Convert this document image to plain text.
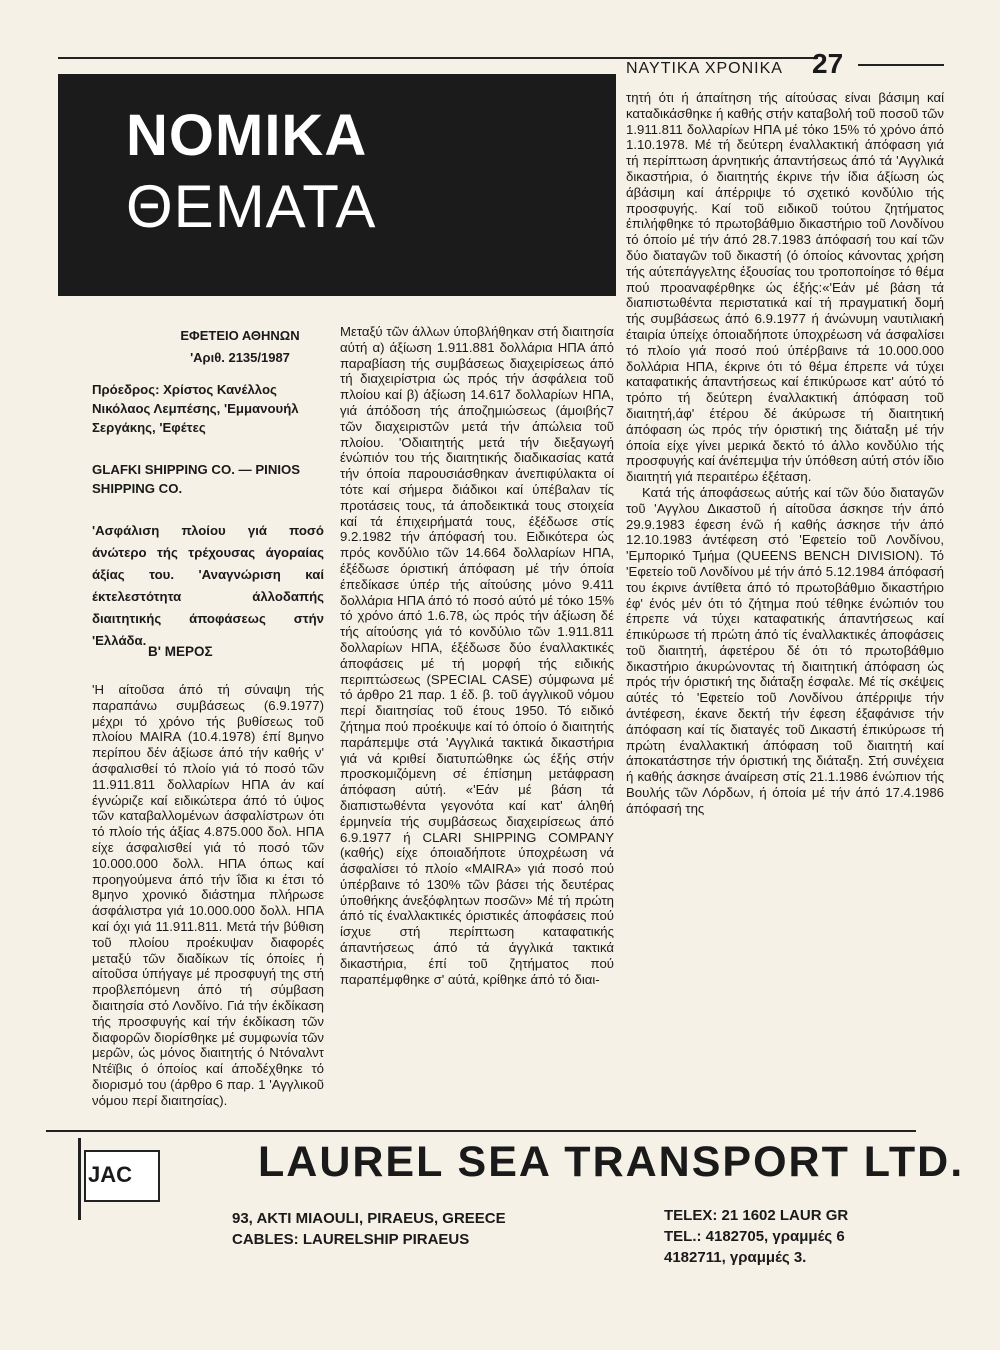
ΝΑΥΤΙΚΑ ΧΡΟΝΙΚΑ 27
ΝΟΜΙΚΑ
ΘΕΜΑΤΑ
ΕΦΕΤΕΙΟ ΑΘΗΝΩΝ
'Αριθ. 2135/1987
Πρόεδρος: Χρίστος Κανέλλος Νικόλαος Λεμπέσης, 'Εμμανουήλ Σεργάκης, 'Εφέτες
GLAFKI SHIPPING CO. — PINIOS SHIPPING CO.
'Ασφάλιση πλοίου γιά ποσό άνώτερο τής τρέχουσας άγοραίας άξίας του. 'Αναγνώριση καί έκτελεστότητα άλλοδαπής διαιτητικής άποφάσεως στήν 'Ελλάδα.
Β' ΜΕΡΟΣ

'Η αίτοῦσα άπό τή σύναψη τής παραπάνω συμβάσεως (6.9.1977) μέχρι τό χρόνο τής βυθίσεως τοῦ πλοίου MAIRA (10.4.1978) έπί 8μηνο περίπου δέν άξίωσε άπό τήν καθής ν' άσφαλισθεί τό πλοίο γιά τό ποσό τῶν 11.911.811 δολλαρίων ΗΠΑ άν καί έγνώριζε καί ειδικώτερα άπό τό ύψος τῶν καταβαλλομένων άσφαλίστρων ότι τό πλοίο τής άξίας 4.875.000 δολ. ΗΠΑ είχε άσφαλισθεί γιά τό ποσό τῶν 10.000.000 δολλ. ΗΠΑ όπως καί προηγούμενα άπό τήν ΐδια κι έτσι τό 8μηνο χρονικό διάστημα πλήρωσε άσφάλιστρα γιά 10.000.000 δολλ. ΗΠΑ καί όχι γιά 11.911.811. Μετά τήν βύθιση τοῦ πλοίου προέκυψαν διαφορές μεταξύ τῶν διαδίκων τίς όποίες ή αίτοῦσα ύπήγαγε μέ προσφυγή της στή προβλεπόμενη άπό τή σύμβαση διαιτησία στό Λονδίνο. Γιά τήν έκδίκαση τής προσφυγής καί τήν έκδίκαση τῶν διαφορῶν διορίσθηκε μέ συμφωνία τῶν μερῶν, ώς μόνος διαιτητής ό Ντόναλντ Ντέϊβις ό όποίος καί άποδέχθηκε τό διορισμό του (άρθρο 6 παρ. 1 'Αγγλικοῦ νόμου περί διαιτησίας).

Μεταξύ τῶν άλλων ύποβλήθηκαν στή διαιτησία αύτή α) άξίωση 1.911.881 δολλάρια ΗΠΑ άπό παραβίαση τής συμβάσεως διαχειρίσεως άπό τή διαχειρίστρια ώς πρός τήν άσφάλεια τοῦ πλοίου καί β) άξίωση 14.617 δολλαρίων ΗΠΑ, γιά άπόδοση τής άποζημιώσεως (άμοιβής7 τῶν διαχειριστῶν μετά τήν άπώλεια τοῦ πλοίου. 'Οδιαιτητής μετά τήν διεξαγωγή ένώπιόν του τής διαιτητικής διαδικασίας κατά τήν όποία παρουσιάσθηκαν άνεπιφύλακτα οί τότε καί σήμερα διάδικοι καί ύπέβαλαν τίς προτάσεις τους, τά άποδεικτικά τους στοιχεία καί τά έπιχειρήματά τους, έξέδωσε στίς 9.2.1982 τήν άπόφασή του. Ειδικότερα ώς πρός κονδύλιο τῶν 14.664 δολλαρίων ΗΠΑ, έξέδωσε όριστική άπόφαση μέ τήν όποία έπεδίκασε ύπέρ τής αίτούσης μόνο 9.411 δολλάρια ΗΠΑ άπό τό ποσό αύτό μέ τόκο 15% τό χρόνο άπό 1.6.78, ώς πρός τήν άξίωση δέ τής αίτούσης γιά τό κονδύλιο τῶν 1.911.811 δολλαρίων ΗΠΑ, έξέδωσε δύο έναλλακτικές άποφάσεις μέ τή μορφή τής ειδικής περιπτώσεως (SPECIAL CASE) σύμφωνα μέ τό άρθρο 21 παρ. 1 έδ. β. τοῦ άγγλικοῦ νόμου περί διαιτησίας τοῦ έτους 1950. Τό ειδικό ζήτημα πού προέκυψε καί τό όποίο ό διαιτητής παράπεμψε στά 'Αγγλικά τακτικά δικαστήρια γιά νά κριθεί διατυπώθηκε ώς έξής στήν προσκομιζόμενη σέ έπίσημη μετάφραση άπόφαση αύτή. «'Εάν μέ βάση τά διαπιστωθέντα γεγονότα καί κατ' άληθή έρμηνεία τής συμβάσεως διαχειρίσεως άπό 6.9.1977 ή CLARI SHIPPING COMPANY (καθής) είχε όποιαδήποτε ύποχρέωση νά άσφαλίσει τό πλοίο «MAIRA» γιά ποσό πού ύπέρβαινε τό 130% τῶν βάσει τής δευτέρας ύποθήκης άνεξόφλητων ποσῶν» Μέ τή πρώτη άπό τίς έναλλακτικές όριστικές άποφάσεις πού ίσχυε στή περίπτωση καταφατικής άπαντήσεως άπό τά άγγλικά τακτικά δικαστήρια, έπί τοῦ ζητήματος πού παραπέμφθηκε σ' αύτά, κρίθηκε άπό τό διαι-

τητή ότι ή άπαίτηση τής αίτούσας είναι βάσιμη καί καταδικάσθηκε ή καθής στήν καταβολή τοῦ ποσοῦ τῶν 1.911.811 δολλαρίων ΗΠΑ μέ τόκο 15% τό χρόνο άπό 1.10.1978. Μέ τή δεύτερη έναλλακτική άπόφαση γιά τή περίπτωση άρνητικής άπαντήσεως άπό τά 'Αγγλικά δικαστήρια, ό διαιτητής έκρινε τήν ίδια άξίωση ώς άβάσιμη καί άπέρριψε τό σχετικό κονδύλιο τής προσφυγής. Καί τοῦ ειδικοῦ τούτου ζητήματος έπιλήφθηκε τό πρωτοβάθμιο δικαστήριο τοῦ Λονδίνου τό όποίο μέ τήν άπό 28.7.1983 άπόφασή του καί τῶν δύο διαταγῶν τοῦ δικαστή (ό όποίος κάνοντας χρήση τής αύτεπάγγελτης έξουσίας του τροποποίησε τό θέμα πού προαναφέρθηκε ώς έξής:«'Εάν μέ βάση τά διαπιστωθέντα περιστατικά καί τή πραγματική δομή τής συμβάσεως άπό 6.9.1977 ή άνώνυμη ναυτιλιακή έταιρία ύπείχε όποιαδήποτε ύποχρέωση νά άσφαλίσει τό πλοίο γιά ποσό πού ύπέρβαινε τά 10.000.000 δολλάρια ΗΠΑ, έκρινε ότι τό θέμα έπρεπε νά τύχει καταφατικής άπαντήσεως καί έπικύρωσε κατ' αύτό τό τρόπο τή δεύτερη έναλλακτική άπόφαση τοῦ διαιτητή,άφ' έτέρου δέ άκύρωσε τή διαιτητική άπόφαση ώς πρός τήν όριστική της διάταξη μέ τήν όποία είχε γίνει μερικά δεκτό τό άλλο κονδύλιο τής προσφυγής καί άνέπεμψα τήν ύπόθεση αύτή στόν ίδιο διαιτητή γιά περαιτέρω έξέταση.

Κατά τής άποφάσεως αύτής καί τῶν δύο διαταγῶν τοῦ 'Αγγλου Δικαστοῦ ή αίτοῦσα άσκησε τήν άπό 29.9.1983 έφεση ένῶ ή καθής άσκησε τήν άπό 12.10.1983 άντέφεση στό 'Εφετείο τοῦ Λονδίνου, 'Εμπορικό Τμήμα (QUEENS BENCH DIVISION). Τό 'Εφετείο τοῦ Λονδίνου μέ τήν άπό 5.12.1984 άπόφασή του έκρινε άντίθετα άπό τό πρωτοβάθμιο δικαστήριο έφ' ένός μέν ότι τό ζήτημα πού τέθηκε ένώπιόν του έπρεπε νά τύχει καταφατικής άπαντήσεως καί έπικύρωσε τή πρώτη άπό τίς έναλλακτικές άποφάσεις τοῦ διαιτητή, άφετέρου δέ ότι τό πρωτοβάθμιο δικαστήριο άκυρώνοντας τή διαιτητική άπόφαση ώς πρός τήν όριστική της διάταξη έσφαλε. Μέ τίς σκέψεις αύτές τό 'Εφετείο τοῦ Λονδίνου άπέρριψε τήν άντέφεση, έκανε δεκτή τήν έφεση έξαφάνισε τήν άπόφαση καί τίς διαταγές τοῦ Δικαστή έπικύρωσε τή πρώτη έναλλακτική άπόφαση τοῦ διαιτητή καί άποκατάστησε τήν όριστική της διάταξη. Στή συνέχεια ή καθής άσκησε άναίρεση στίς 21.1.1986 ένώπιον τής Βουλής τῶν Λόρδων, ή όποία μέ τήν άπό 17.4.1986 άπόφασή της

JAC	LAUREL SEA TRANSPORT LTD.
93, AKTI MIAOULI, PIRAEUS, GREECE
CABLES: LAURELSHIP PIRAEUS
TELEX: 21 1602 LAUR GR
TEL.: 4182705, γραμμές 6
4182711, γραμμές 3.
